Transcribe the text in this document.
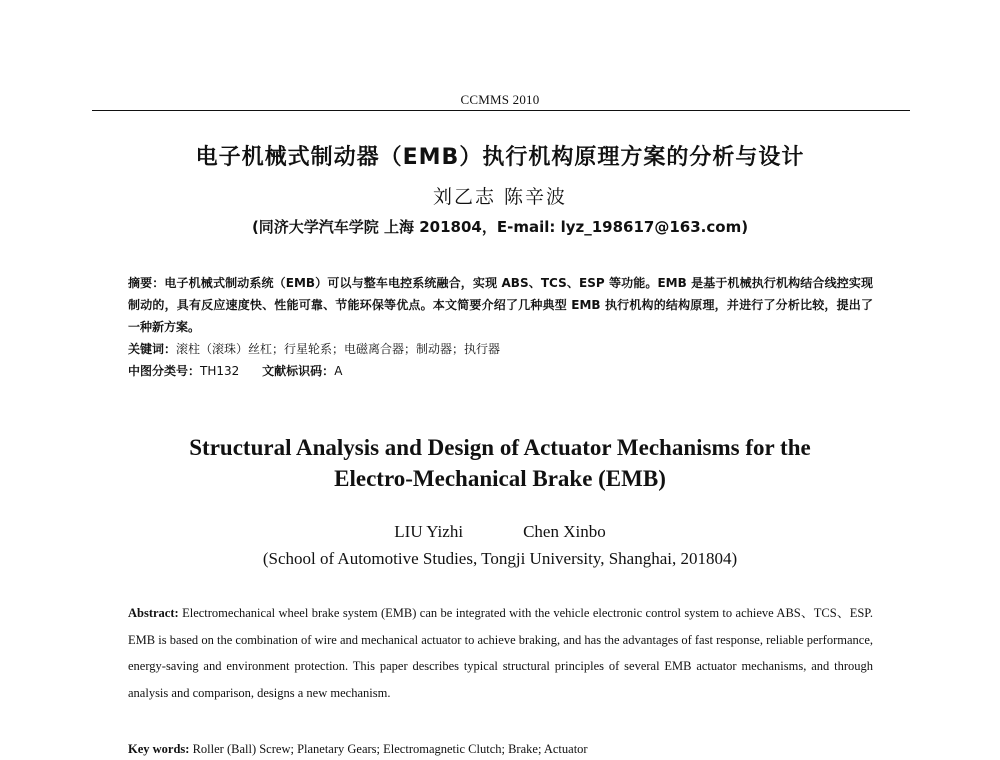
CCMMS 2010
电子机械式制动器（EMB）执行机构原理方案的分析与设计
刘乙志 陈辛波
(同济大学汽车学院 上海 201804，E-mail: lyz_198617@163.com)

摘要：电子机械式制动系统（EMB）可以与整车电控系统融合，实现 ABS、TCS、ESP 等功能。EMB 是基于机械执行机构结合线控实现制动的，具有反应速度快、性能可靠、节能环保等优点。本文简要介绍了几种典型 EMB 执行机构的结构原理，并进行了分析比较，提出了一种新方案。

关键词：滚柱（滚珠）丝杠；行星轮系；电磁离合器；制动器；执行器

中图分类号：TH132 文献标识码：A

Structural Analysis and Design of Actuator Mechanisms for the
Electro-Mechanical Brake (EMB)
LIU Yizhi	Chen Xinbo
(School of Automotive Studies, Tongji University, Shanghai, 201804)

Abstract: Electromechanical wheel brake system (EMB) can be integrated with the vehicle electronic control system to achieve ABS、TCS、ESP. EMB is based on the combination of wire and mechanical actuator to achieve braking, and has the advantages of fast response, reliable performance, energy-saving and environment protection. This paper describes typical structural principles of several EMB actuator mechanisms, and through analysis and comparison, designs a new mechanism.

Key words: Roller (Ball) Screw; Planetary Gears; Electromagnetic Clutch; Brake; Actuator
